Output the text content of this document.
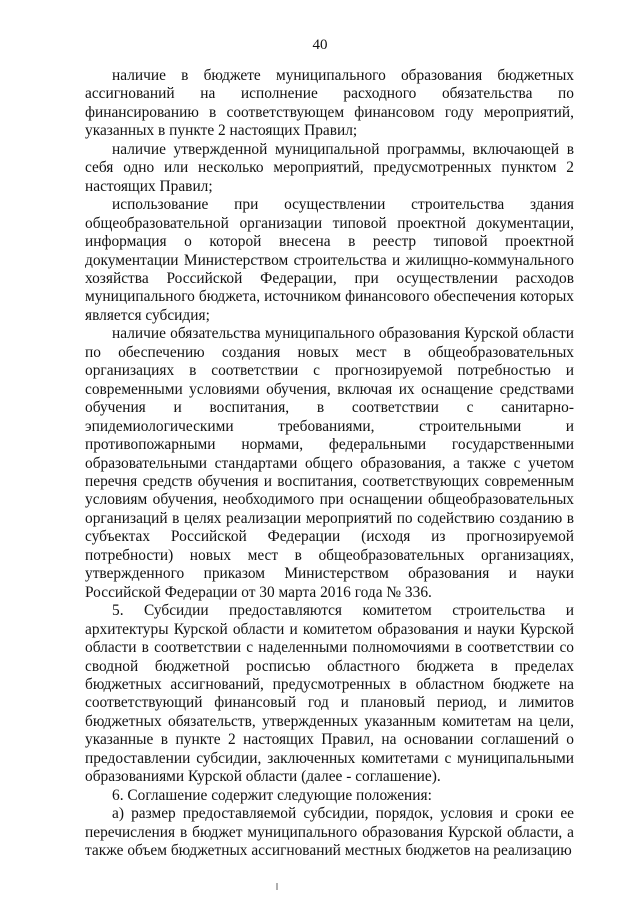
40

наличие в бюджете муниципального образования бюджетных ассигнований на исполнение расходного обязательства по финансированию в соответствующем финансовом году мероприятий, указанных в пункте 2 настоящих Правил;

наличие утвержденной муниципальной программы, включающей в себя одно или несколько мероприятий, предусмотренных пунктом 2 настоящих Правил;

использование при осуществлении строительства здания общеобразовательной организации типовой проектной документации, информация о которой внесена в реестр типовой проектной документации Министерством строительства и жилищно-коммунального хозяйства Российской Федерации, при осуществлении расходов муниципального бюджета, источником финансового обеспечения которых является субсидия;

наличие обязательства муниципального образования Курской области по обеспечению создания новых мест в общеобразовательных организациях в соответствии с прогнозируемой потребностью и современными условиями обучения, включая их оснащение средствами обучения и воспитания, в соответствии с санитарно-эпидемиологическими требованиями, строительными и противопожарными нормами, федеральными государственными образовательными стандартами общего образования, а также с учетом перечня средств обучения и воспитания, соответствующих современным условиям обучения, необходимого при оснащении общеобразовательных организаций в целях реализации мероприятий по содействию созданию в субъектах Российской Федерации (исходя из прогнозируемой потребности) новых мест в общеобразовательных организациях, утвержденного приказом Министерством образования и науки Российской Федерации от 30 марта 2016 года № 336.

5. Субсидии предоставляются комитетом строительства и архитектуры Курской области и комитетом образования и науки Курской области в соответствии с наделенными полномочиями в соответствии со сводной бюджетной росписью областного бюджета в пределах бюджетных ассигнований, предусмотренных в областном бюджете на соответствующий финансовый год и плановый период, и лимитов бюджетных обязательств, утвержденных указанным комитетам на цели, указанные в пункте 2 настоящих Правил, на основании соглашений о предоставлении субсидии, заключенных комитетами с муниципальными образованиями Курской области (далее - соглашение).

6. Соглашение содержит следующие положения:

а) размер предоставляемой субсидии, порядок, условия и сроки ее перечисления в бюджет муниципального образования Курской области, а также объем бюджетных ассигнований местных бюджетов на реализацию
